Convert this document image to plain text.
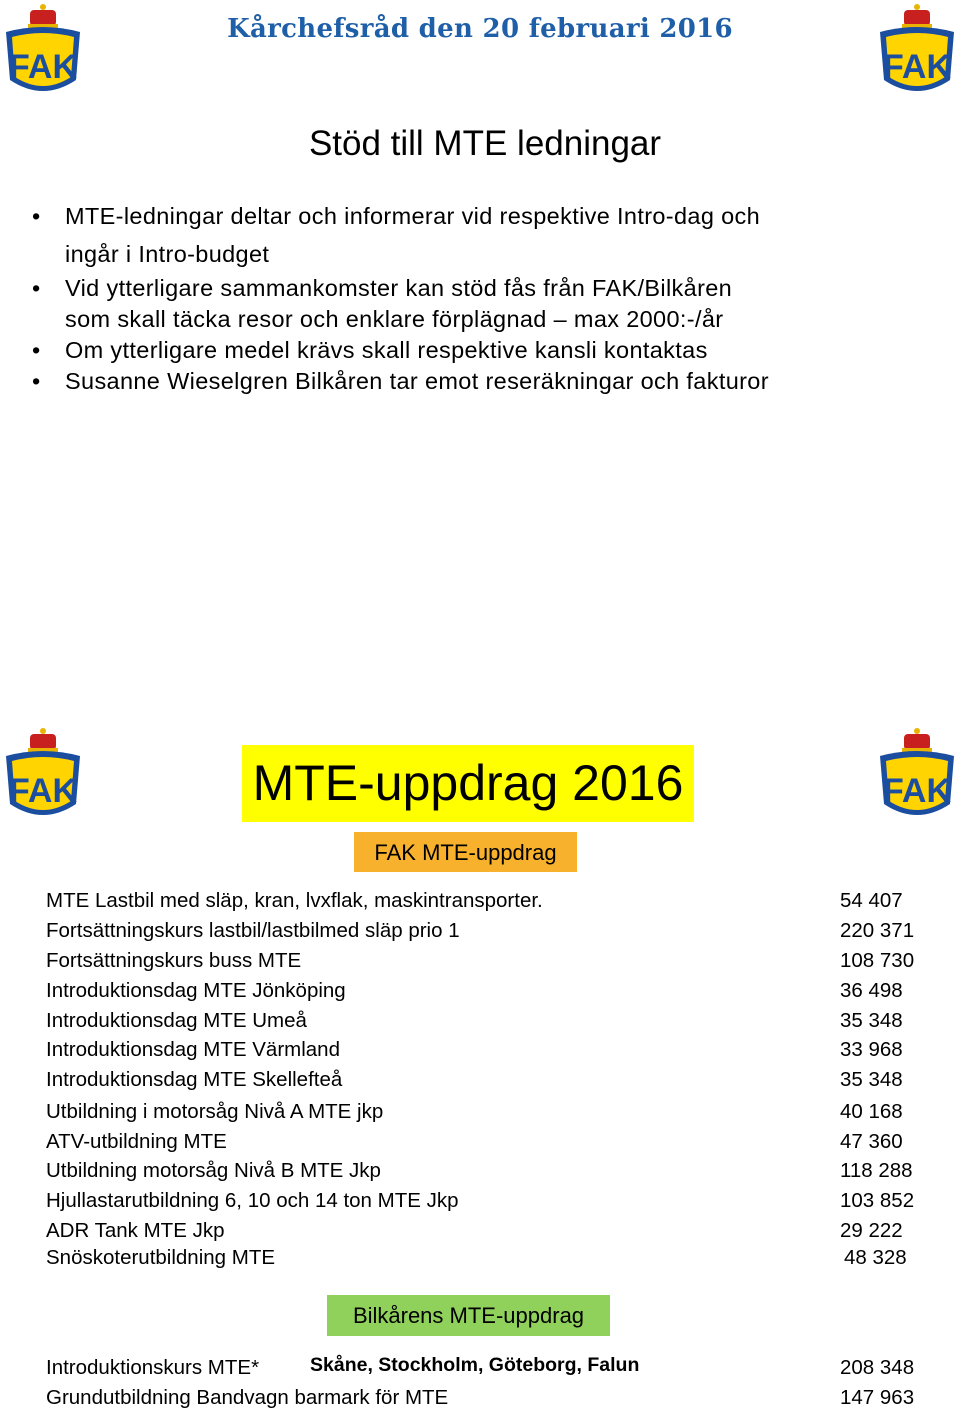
Kårchefsråd den 20 februari 2016
FAK	FAK
Stöd till MTE ledningar
• MTE-ledningar deltar och informerar vid respektive Intro-dag och
ingår i Intro-budget
• Vid ytterligare sammankomster kan stöd fås från FAK/Bilkåren
som skall täcka resor och enklare förplägnad – max 2000:-/år
• Om ytterligare medel krävs skall respektive kansli kontaktas
• Susanne Wieselgren Bilkåren tar emot reseräkningar och fakturor
FAK	FAK
MTE-uppdrag 2016
FAK MTE-uppdrag
MTE Lastbil med släp, kran, lvxflak, maskintransporter.	54 407
Fortsättningskurs lastbil/lastbilmed släp prio 1	220 371
Fortsättningskurs buss MTE	108 730
Introduktionsdag MTE Jönköping	36 498
Introduktionsdag MTE Umeå	35 348
Introduktionsdag MTE Värmland	33 968
Introduktionsdag MTE Skellefteå	35 348
Utbildning i motorsåg Nivå A MTE jkp	40 168
ATV-utbildning MTE	47 360
Utbildning motorsåg Nivå B MTE Jkp	118 288
Hjullastarutbildning 6, 10 och 14 ton MTE Jkp	103 852
ADR Tank MTE Jkp	29 222
Snöskoterutbildning MTE	48 328
Bilkårens MTE-uppdrag
Introduktionskurs MTE*	Skåne, Stockholm, Göteborg, Falun	208 348
Grundutbildning Bandvagn barmark för MTE	147 963
